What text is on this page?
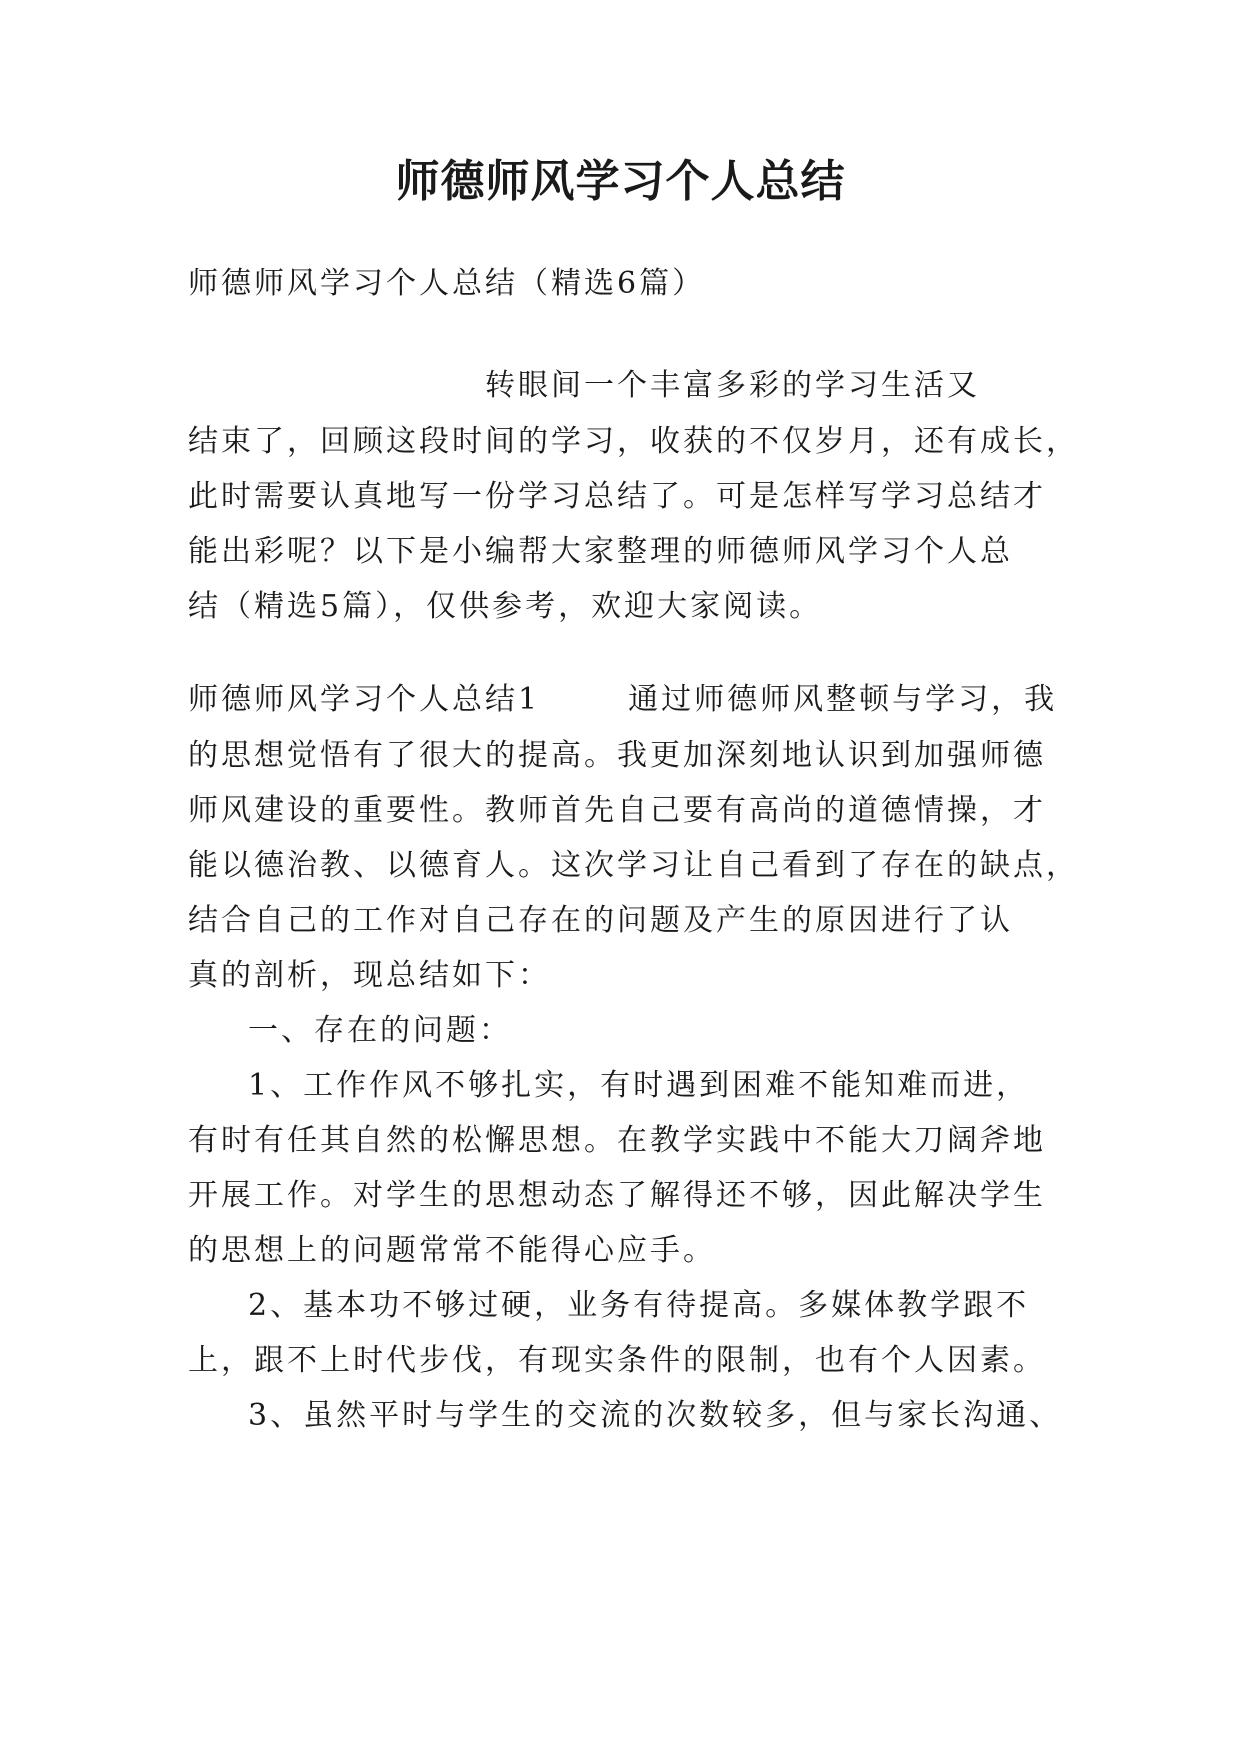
师德师风学习个人总结
师德师风学习个人总结（精选6篇）
转眼间一个丰富多彩的学习生活又
结束了，回顾这段时间的学习，收获的不仅岁月，还有成长，
此时需要认真地写一份学习总结了。可是怎样写学习总结才
能出彩呢？以下是小编帮大家整理的师德师风学习个人总
结（精选5篇），仅供参考，欢迎大家阅读。
师德师风学习个人总结1	通过师德师风整顿与学习，我
的思想觉悟有了很大的提高。我更加深刻地认识到加强师德
师风建设的重要性。教师首先自己要有高尚的道德情操，才
能以德治教、以德育人。这次学习让自己看到了存在的缺点，
结合自己的工作对自己存在的问题及产生的原因进行了认
真的剖析，现总结如下：
一、存在的问题：
1、工作作风不够扎实，有时遇到困难不能知难而进，
有时有任其自然的松懈思想。在教学实践中不能大刀阔斧地
开展工作。对学生的思想动态了解得还不够，因此解决学生
的思想上的问题常常不能得心应手。
2、基本功不够过硬，业务有待提高。多媒体教学跟不
上，跟不上时代步伐，有现实条件的限制，也有个人因素。
3、虽然平时与学生的交流的次数较多，但与家长沟通、
